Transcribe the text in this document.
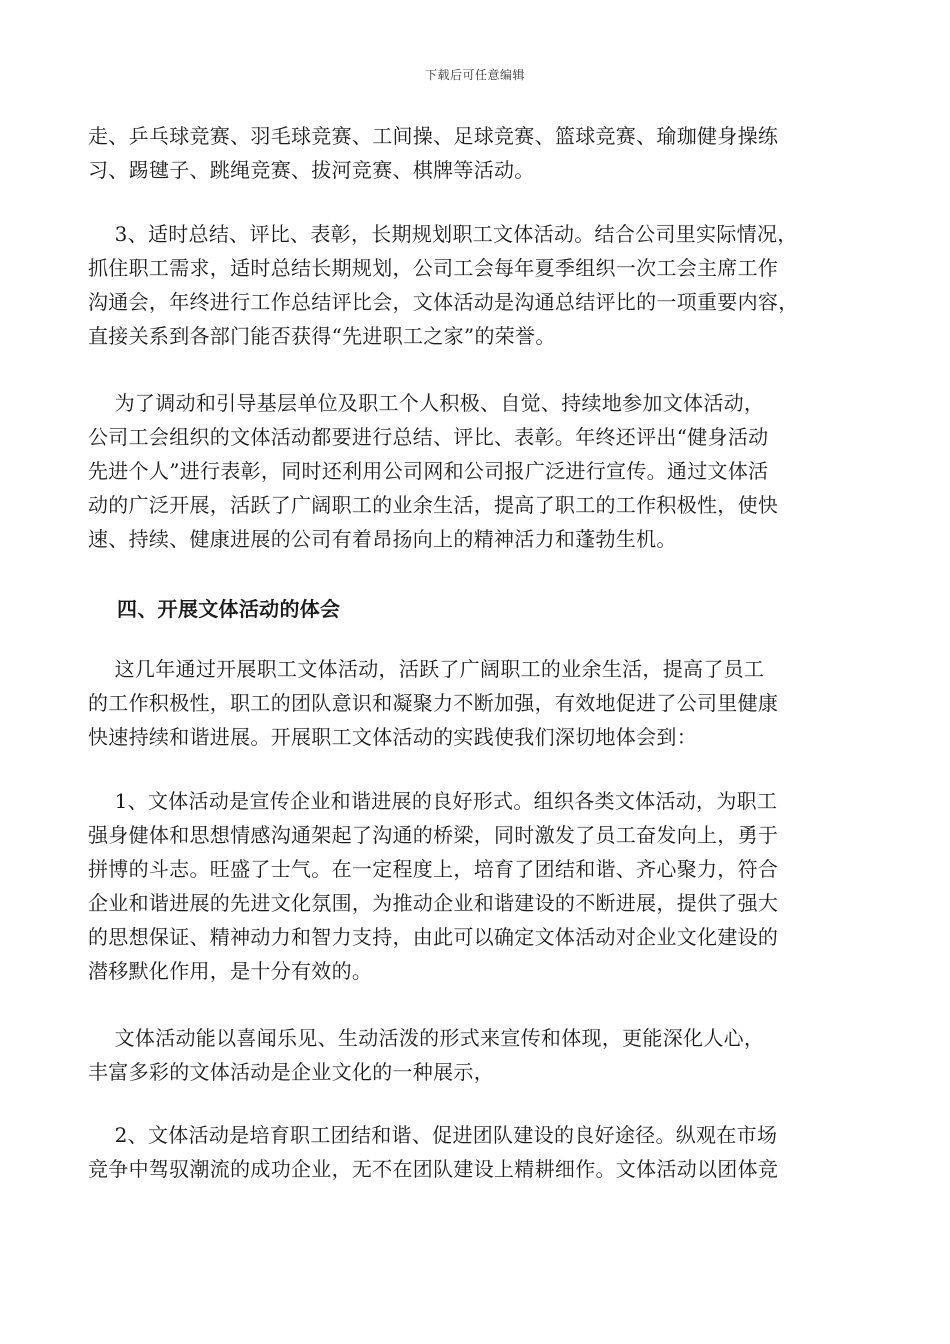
下载后可任意编辑
走、乒乓球竞赛、羽毛球竞赛、工间操、足球竞赛、篮球竞赛、瑜珈健身操练
习、踢毽子、跳绳竞赛、拔河竞赛、棋牌等活动。
3、适时总结、评比、表彰，长期规划职工文体活动。结合公司里实际情况，
抓住职工需求，适时总结长期规划，公司工会每年夏季组织一次工会主席工作
沟通会，年终进行工作总结评比会，文体活动是沟通总结评比的一项重要内容，
直接关系到各部门能否获得“先进职工之家”的荣誉。
为了调动和引导基层单位及职工个人积极、自觉、持续地参加文体活动，
公司工会组织的文体活动都要进行总结、评比、表彰。年终还评出“健身活动
先进个人”进行表彰，同时还利用公司网和公司报广泛进行宣传。通过文体活
动的广泛开展，活跃了广阔职工的业余生活，提高了职工的工作积极性，使快
速、持续、健康进展的公司有着昂扬向上的精神活力和蓬勃生机。
四、开展文体活动的体会
这几年通过开展职工文体活动，活跃了广阔职工的业余生活，提高了员工
的工作积极性，职工的团队意识和凝聚力不断加强，有效地促进了公司里健康
快速持续和谐进展。开展职工文体活动的实践使我们深切地体会到：
1、文体活动是宣传企业和谐进展的良好形式。组织各类文体活动，为职工
强身健体和思想情感沟通架起了沟通的桥梁，同时激发了员工奋发向上，勇于
拼博的斗志。旺盛了士气。在一定程度上，培育了团结和谐、齐心聚力，符合
企业和谐进展的先进文化氛围，为推动企业和谐建设的不断进展，提供了强大
的思想保证、精神动力和智力支持，由此可以确定文体活动对企业文化建设的
潜移默化作用，是十分有效的。
文体活动能以喜闻乐见、生动活泼的形式来宣传和体现，更能深化人心，
丰富多彩的文体活动是企业文化的一种展示，
2、文体活动是培育职工团结和谐、促进团队建设的良好途径。纵观在市场
竞争中驾驭潮流的成功企业，无不在团队建设上精耕细作。文体活动以团体竞
